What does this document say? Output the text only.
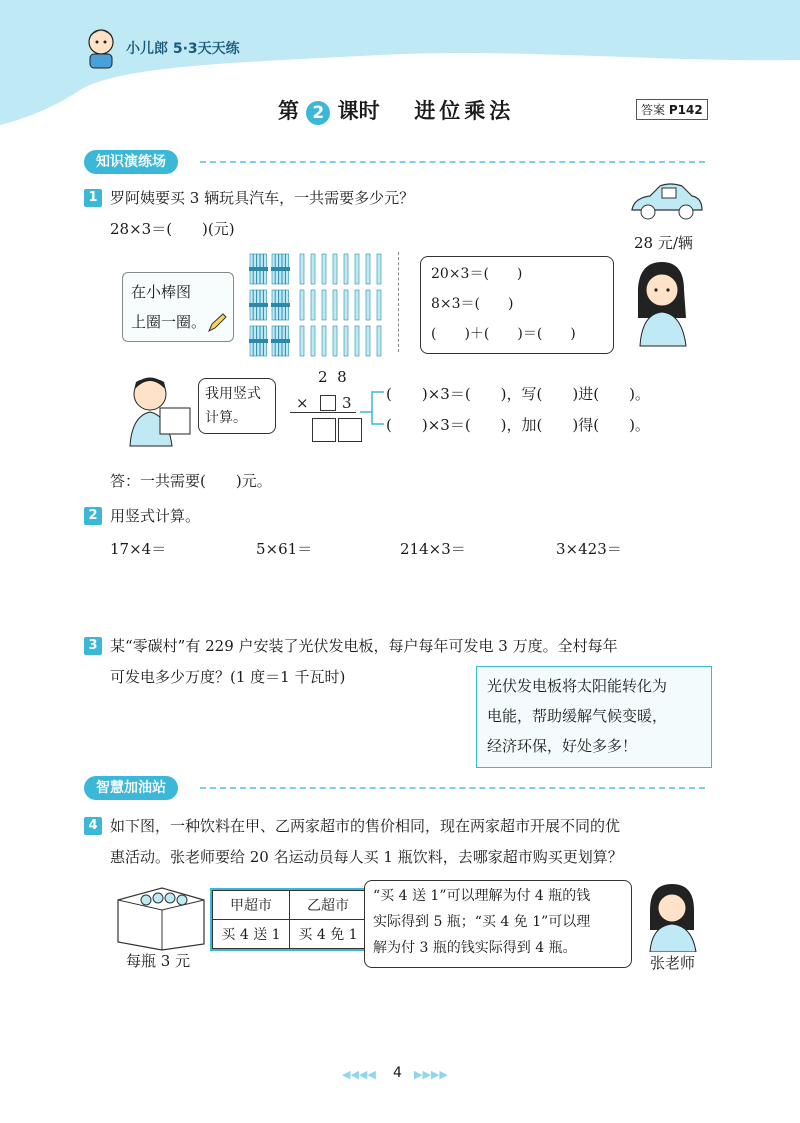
小儿郎 5·3天天练
第 2 课时 进位乘法	答案 P142
知识演练场
1 罗阿姨要买 3 辆玩具汽车，一共需要多少元？
28×3＝(　　)(元)
28 元/辆
在小棒图
上圈一圈。
20×3＝(　　)
8×3＝(　　)
(　　)＋(　　)＝(　　)
我用竖式
计算。
2  8
× 3 (　　)×3＝(　　)，写(　　)进(　　)。
(　　)×3＝(　　)，加(　　)得(　　)。
答：一共需要(　　)元。
2 用竖式计算。
17×4＝	5×61＝	214×3＝	3×423＝
3 某“零碳村”有 229 户安装了光伏发电板，每户每年可发电 3 万度。全村每年
可发电多少万度？(1 度＝1 千瓦时)	光伏发电板将太阳能转化为
电能，帮助缓解气候变暖，
经济环保，好处多多！
智慧加油站
4 如下图，一种饮料在甲、乙两家超市的售价相同，现在两家超市开展不同的优
惠活动。张老师要给 20 名运动员每人买 1 瓶饮料，去哪家超市购买更划算？
每瓶 3 元
甲超市	乙超市
买 4 送 1	买 4 免 1
“买 4 送 1”可以理解为付 4 瓶的钱
实际得到 5 瓶；“买 4 免 1”可以理
解为付 3 瓶的钱实际得到 4 瓶。
张老师
◀◀◀◀ 4 ▶▶▶▶
